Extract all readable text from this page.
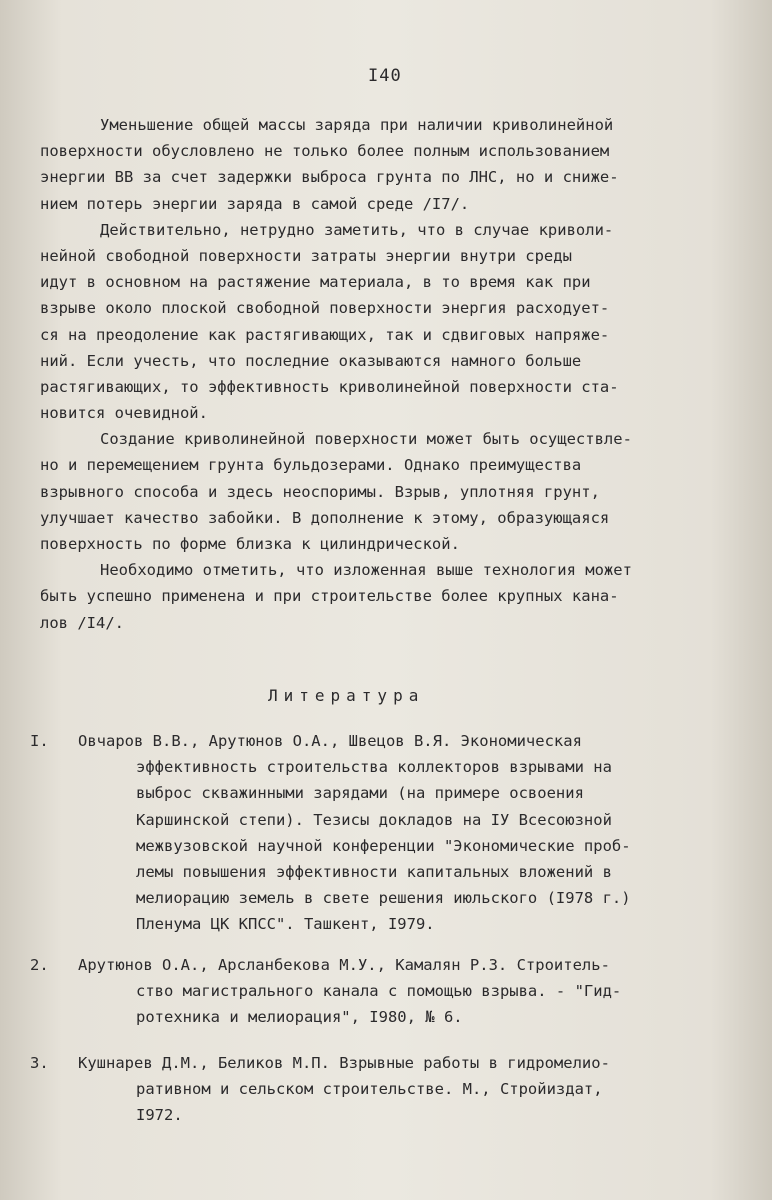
I40
Уменьшение общей массы заряда при наличии криволинейной
поверхности обусловлено не только более полным использованием
энергии ВВ за счет задержки выброса грунта по ЛНС, но и сниже-
нием потерь энергии заряда в самой среде /I7/.
Действительно, нетрудно заметить, что в случае криволи-
нейной свободной поверхности затраты энергии внутри среды
идут в основном на растяжение материала, в то время как при
взрыве около плоской свободной поверхности энергия расходует-
ся на преодоление как растягивающих, так и сдвиговых напряже-
ний. Если учесть, что последние оказываются намного больше
растягивающих, то эффективность криволинейной поверхности ста-
новится очевидной.
Создание криволинейной поверхности может быть осуществле-
но и перемещением грунта бульдозерами. Однако преимущества
взрывного способа и здесь неоспоримы. Взрыв, уплотняя грунт,
улучшает качество забойки. В дополнение к этому, образующаяся
поверхность по форме близка к цилиндрической.
Необходимо отметить, что изложенная выше технология может
быть успешно применена и при строительстве более крупных кана-
лов /I4/.
Литература
I. Овчаров В.В., Арутюнов О.А., Швецов В.Я. Экономическая
эффективность строительства коллекторов взрывами на
выброс скважинными зарядами (на примере освоения
Каршинской степи). Тезисы докладов на IУ Всесоюзной
межвузовской научной конференции "Экономические проб-
лемы повышения эффективности капитальных вложений в
мелиорацию земель в свете решения июльского (I978 г.)
Пленума ЦК КПСС". Ташкент, I979.
2. Арутюнов О.А., Арсланбекова М.У., Камалян Р.З. Строитель-
ство магистрального канала с помощью взрыва. - "Гид-
ротехника и мелиорация", I980, № 6.
3. Кушнарев Д.М., Беликов М.П. Взрывные работы в гидромелио-
ративном и сельском строительстве. М., Стройиздат,
I972.
